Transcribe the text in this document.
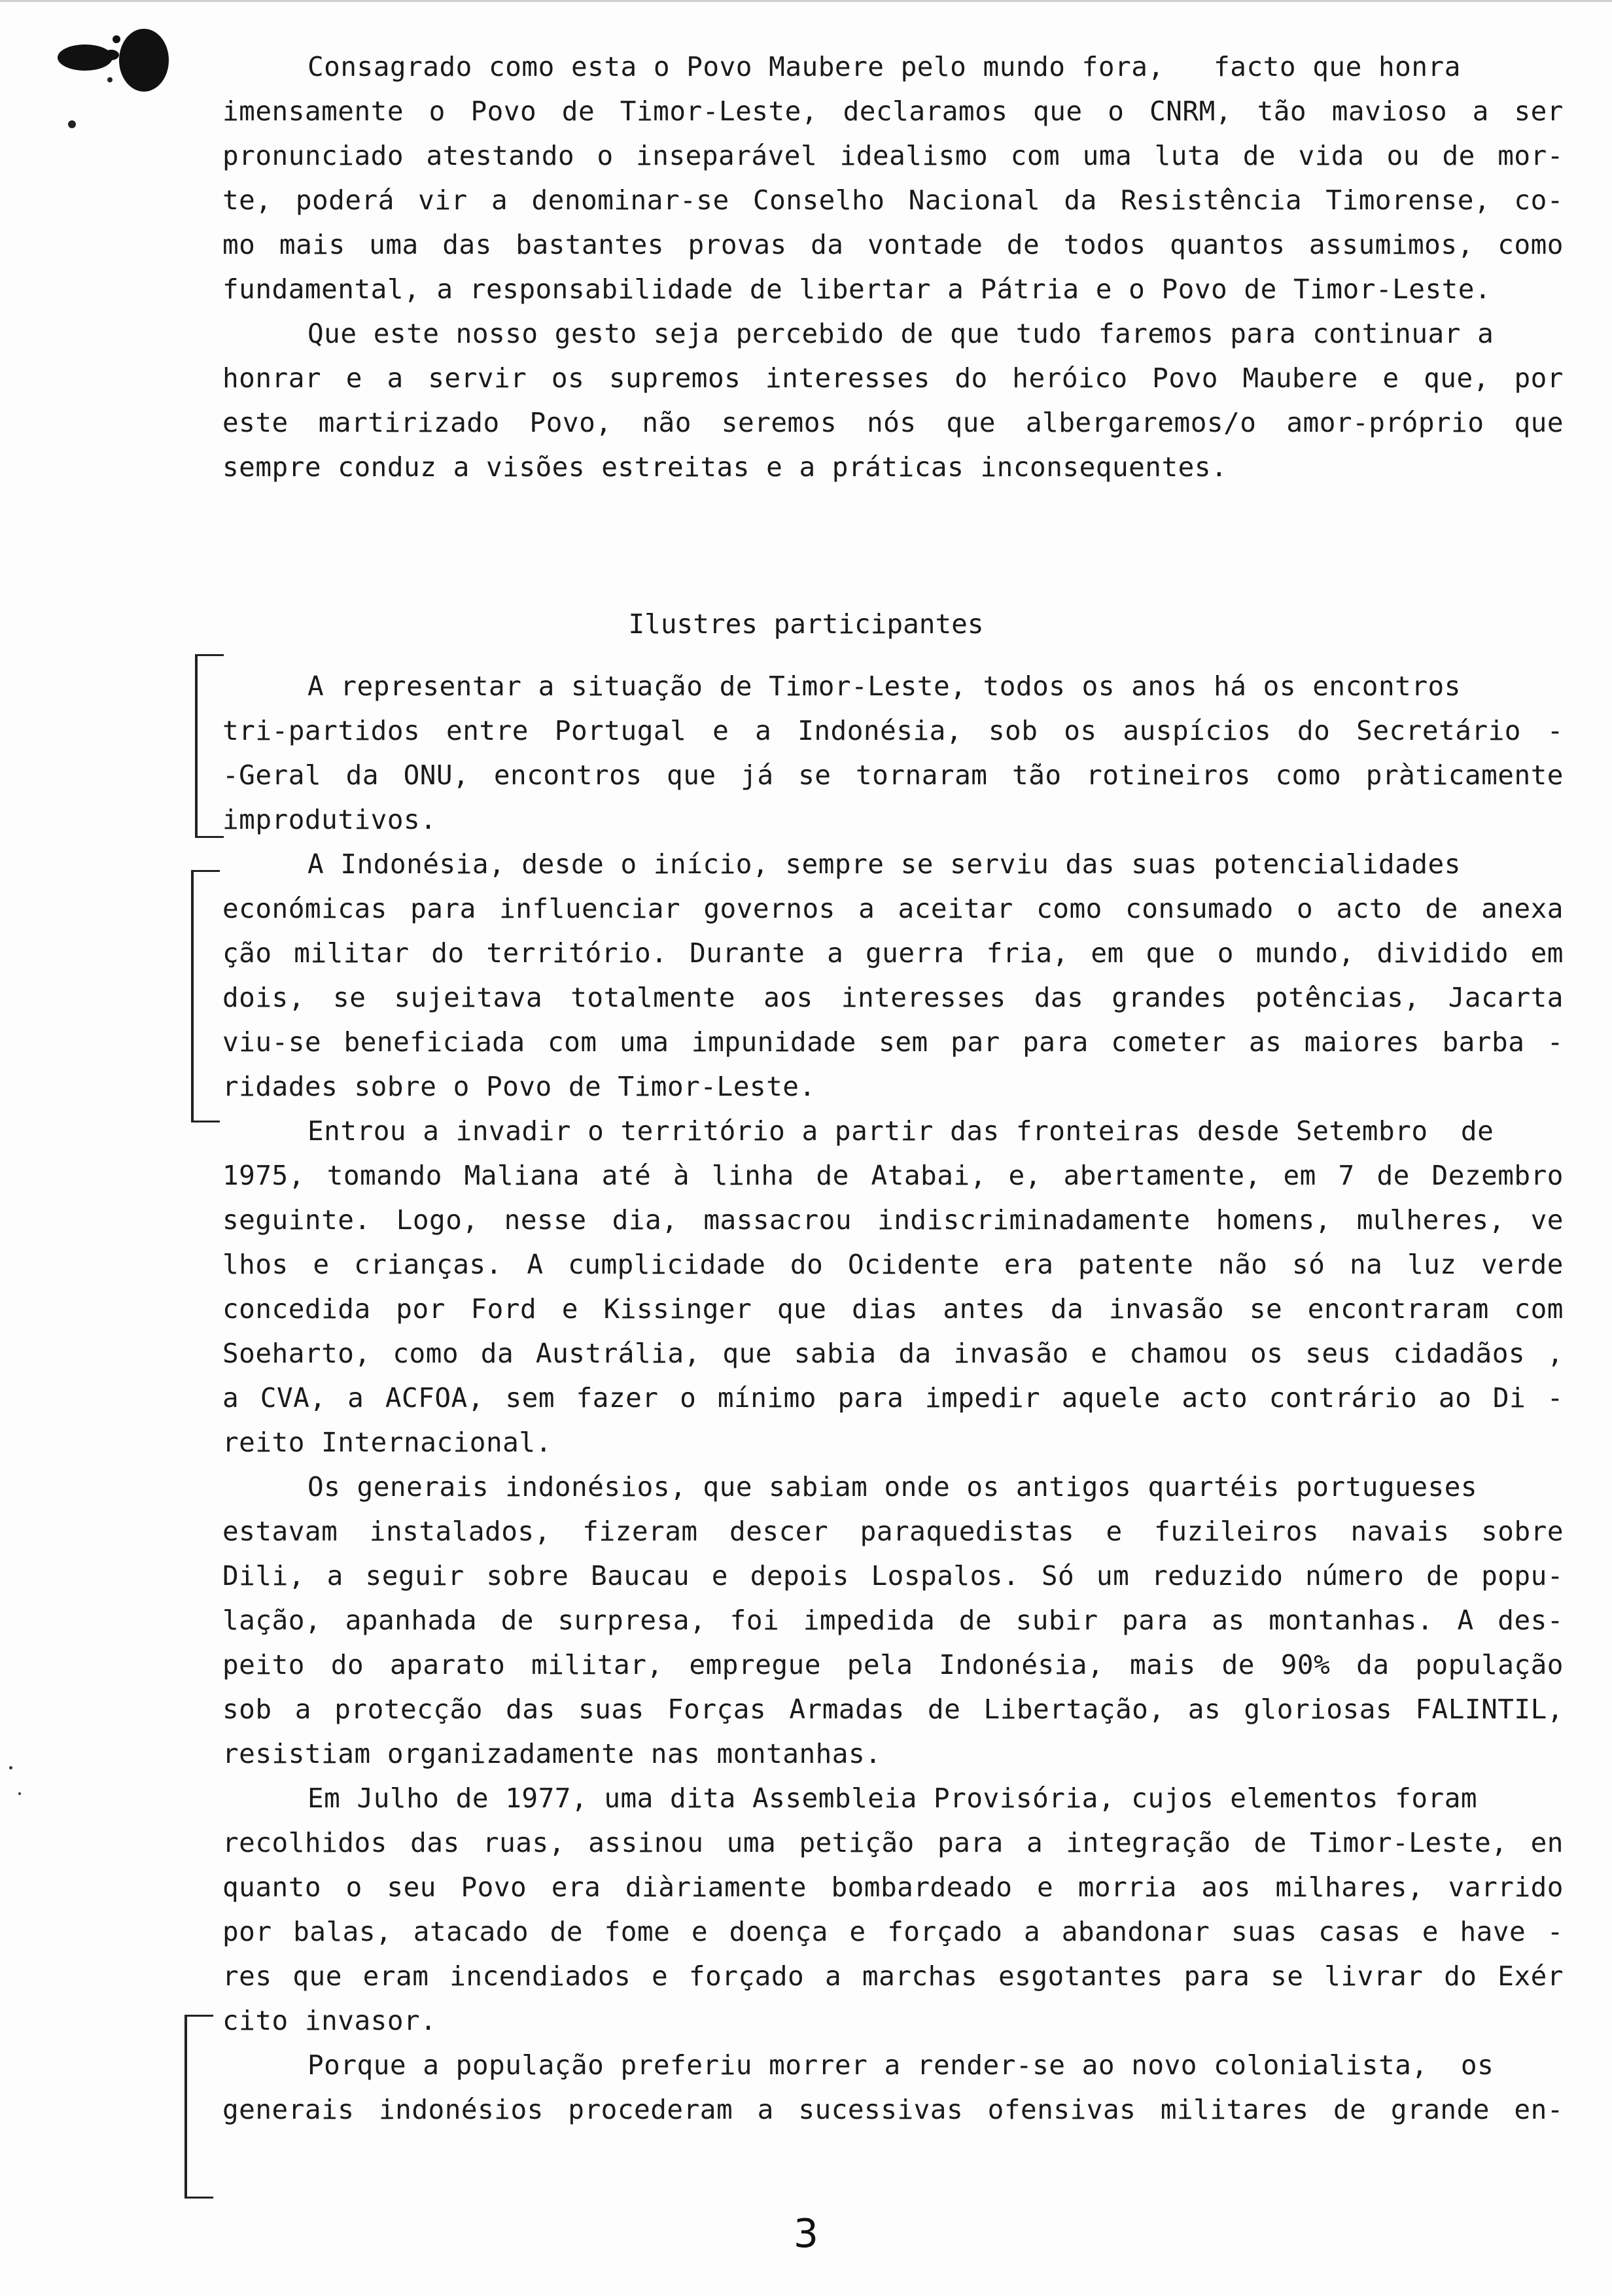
Consagrado como esta o Povo Maubere pelo mundo fora,   facto que honra
imensamente o Povo de Timor-Leste, declaramos que o CNRM, tão mavioso a ser
pronunciado atestando o inseparável idealismo com uma luta de vida ou de mor-
te, poderá vir a denominar-se Conselho Nacional da Resistência Timorense, co-
mo mais uma das bastantes provas da vontade de todos quantos assumimos, como
fundamental, a responsabilidade de libertar a Pátria e o Povo de Timor-Leste.
Que este nosso gesto seja percebido de que tudo faremos para continuar a
honrar e a servir os supremos interesses do heróico Povo Maubere e que, por
este martirizado Povo, não seremos nós que albergaremos/o amor-próprio que
sempre conduz a visões estreitas e a práticas inconsequentes.
Ilustres participantes
A representar a situação de Timor-Leste, todos os anos há os encontros
tri-partidos entre Portugal e a Indonésia, sob os auspícios do Secretário -
-Geral da ONU, encontros que já se tornaram tão rotineiros como pràticamente
improdutivos.
A Indonésia, desde o início, sempre se serviu das suas potencialidades
económicas para influenciar governos a aceitar como consumado o acto de anexa
ção militar do território. Durante a guerra fria, em que o mundo, dividido em
dois, se sujeitava totalmente aos interesses das grandes potências, Jacarta
viu-se beneficiada com uma impunidade sem par para cometer as maiores barba -
ridades sobre o Povo de Timor-Leste.
Entrou a invadir o território a partir das fronteiras desde Setembro  de
1975, tomando Maliana até à linha de Atabai, e, abertamente, em 7 de Dezembro
seguinte. Logo, nesse dia, massacrou indiscriminadamente homens, mulheres, ve
lhos e crianças. A cumplicidade do Ocidente era patente não só na luz verde
concedida por Ford e Kissinger que dias antes da invasão se encontraram com
Soeharto, como da Austrália, que sabia da invasão e chamou os seus cidadãos ,
a CVA, a ACFOA, sem fazer o mínimo para impedir aquele acto contrário ao Di -
reito Internacional.
Os generais indonésios, que sabiam onde os antigos quartéis portugueses
estavam instalados, fizeram descer paraquedistas e fuzileiros navais sobre
Dili, a seguir sobre Baucau e depois Lospalos. Só um reduzido número de popu-
lação, apanhada de surpresa, foi impedida de subir para as montanhas. A des-
peito do aparato militar, empregue pela Indonésia, mais de 90% da população
sob a protecção das suas Forças Armadas de Libertação, as gloriosas FALINTIL,
resistiam organizadamente nas montanhas.
Em Julho de 1977, uma dita Assembleia Provisória, cujos elementos foram
recolhidos das ruas, assinou uma petição para a integração de Timor-Leste, en
quanto o seu Povo era diàriamente bombardeado e morria aos milhares, varrido
por balas, atacado de fome e doença e forçado a abandonar suas casas e have -
res que eram incendiados e forçado a marchas esgotantes para se livrar do Exér
cito invasor.
Porque a população preferiu morrer a render-se ao novo colonialista,  os
generais indonésios procederam a sucessivas ofensivas militares de grande en-
3
